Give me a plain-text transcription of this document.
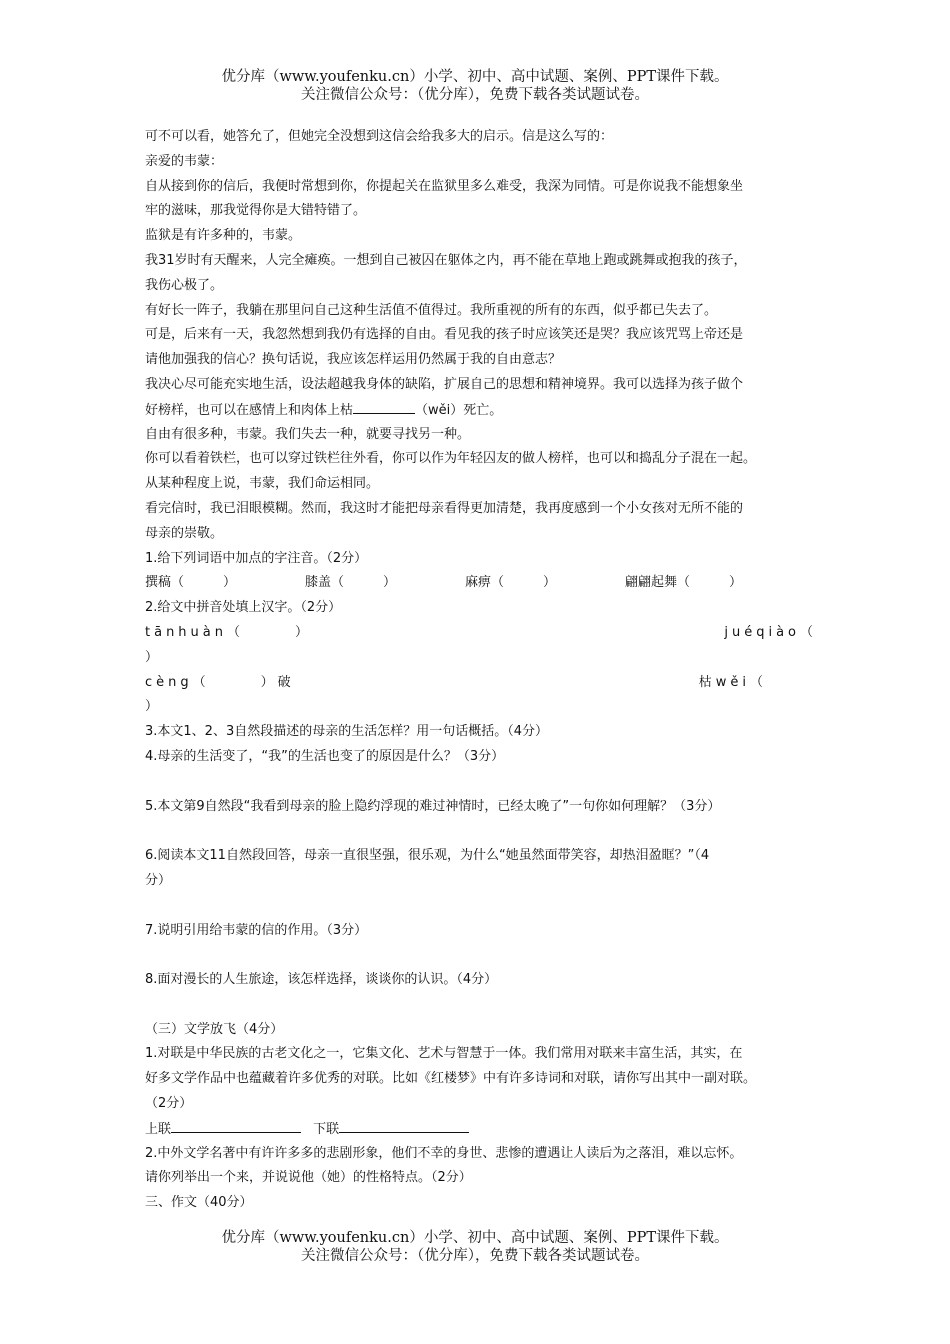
优分库（www.youfenku.cn）小学、初中、高中试题、案例、PPT课件下载。
关注微信公众号：（优分库），免费下载各类试题试卷。
可不可以看，她答允了，但她完全没想到这信会给我多大的启示。信是这么写的：
亲爱的韦蒙：
自从接到你的信后，我便时常想到你，你提起关在监狱里多么难受，我深为同情。可是你说我不能想象坐
牢的滋味，那我觉得你是大错特错了。
监狱是有许多种的，韦蒙。
我31岁时有天醒来，人完全瘫痪。一想到自己被囚在躯体之内，再不能在草地上跑或跳舞或抱我的孩子，
我伤心极了。
有好长一阵子，我躺在那里问自己这种生活值不值得过。我所重视的所有的东西，似乎都已失去了。
可是，后来有一天，我忽然想到我仍有选择的自由。看见我的孩子时应该笑还是哭？我应该咒骂上帝还是
请他加强我的信心？换句话说，我应该怎样运用仍然属于我的自由意志？
我决心尽可能充实地生活，设法超越我身体的缺陷，扩展自己的思想和精神境界。我可以选择为孩子做个
好榜样，也可以在感情上和肉体上枯	（wěi）死亡。
自由有很多种，韦蒙。我们失去一种，就要寻找另一种。
你可以看着铁栏，也可以穿过铁栏往外看，你可以作为年轻囚友的做人榜样，也可以和捣乱分子混在一起。
从某种程度上说，韦蒙，我们命运相同。
看完信时，我已泪眼模糊。然而，我这时才能把母亲看得更加清楚，我再度感到一个小女孩对无所不能的
母亲的崇敬。
1.给下列词语中加点的字注音。（2分）
撰稿（　　　）	膝盖（　　　）	麻痹（　　　）	翩翩起舞（　　　）
2.给文中拼音处填上汉字。（2分）
tānhuàn（　　　）	juéqiào（
）
cèng（　　　）破	枯wěi（
）
3.本文1、2、3自然段描述的母亲的生活怎样？用一句话概括。（4分）
4.母亲的生活变了，“我”的生活也变了的原因是什么？（3分）
5.本文第9自然段“我看到母亲的脸上隐约浮现的难过神情时，已经太晚了”一句你如何理解？（3分）
6.阅读本文11自然段回答，母亲一直很坚强，很乐观，为什么“她虽然面带笑容，却热泪盈眶？”（4
分）
7.说明引用给韦蒙的信的作用。（3分）
8.面对漫长的人生旅途，该怎样选择，谈谈你的认识。（4分）
（三）文学放飞（4分）
1.对联是中华民族的古老文化之一，它集文化、艺术与智慧于一体。我们常用对联来丰富生活，其实，在
好多文学作品中也蕴藏着许多优秀的对联。比如《红楼梦》中有许多诗词和对联，请你写出其中一副对联。
（2分）
上联	下联
2.中外文学名著中有许许多多的悲剧形象，他们不幸的身世、悲惨的遭遇让人读后为之落泪，难以忘怀。
请你列举出一个来，并说说他（她）的性格特点。（2分）
三、作文（40分）
优分库（www.youfenku.cn）小学、初中、高中试题、案例、PPT课件下载。
关注微信公众号：（优分库），免费下载各类试题试卷。
